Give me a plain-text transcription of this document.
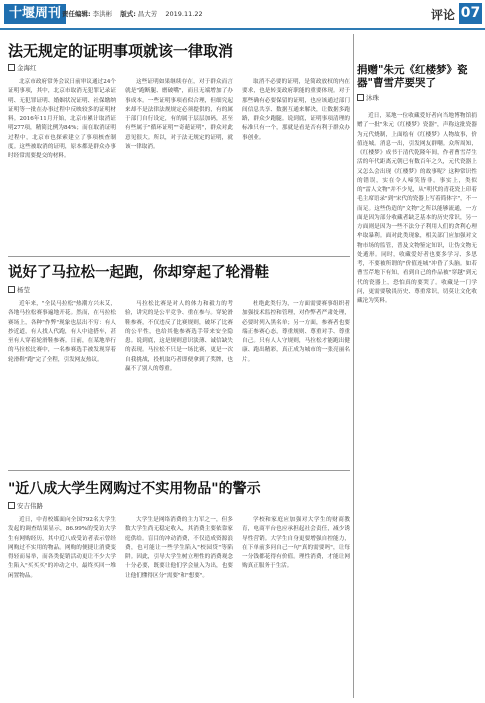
十堰周刊 责任编辑: 李洪彬 版式: 昌大芳 2019.11.22	评论 07
法无规定的证明事项就该一律取消
金海红
北京市政府常务会议日前审议通过24个证明事项，其中，北京市取消无犯罪记录证明、无犯罪证明、婚姻状况证明、社保缴纳证明等一批在办事过程中反映较多的证明材料。2016年11月开始，北京市累计取消证明277项，精简比例为84%；而在取消证明过程中，北京市也探索建立了事项核查制度。这些被取消的证明，原本都是群众办事时经常需要提交的材料。
这些证明如果继续存在，对于群众而言就是"跑断腿、磨破嘴"，而且无端增加了办事成本。一些证明事项看似合理，但细究起来却不是法律法规规定必须提供的，有的属于部门自行设定，有的属于层层加码，甚至有些属于"循环证明""奇葩证明"，群众对此意见很大。所以，对于法无规定的证明，就该一律取消。
取消不必要的证明，是简政放权的内在要求，也是转变政府职能的重要体现。对于那些确有必要保留的证明，也应该通过部门间信息共享、数据互通来解决，让数据多跑路，群众少跑腿。说到底，证明事项清理的标准只有一个，那就是看是否有利于群众办事创业。
说好了马拉松一起跑，你却穿起了轮滑鞋
杨莹
近年来，"全民马拉松"热潮方兴未艾，各地马拉松赛事遍地开花。然而，在马拉松赛场上，各种"作弊"现象也层出不穷：有人抄近道，有人找人代跑，有人中途搭车，甚至有人穿着轮滑鞋参赛。日前，在某地举行的马拉松比赛中，一名参赛选手被发现穿着轮滑鞋"跑"完了全程，引发网友热议。
马拉松比赛是对人的体力和毅力的考验，讲究的是公平竞争、重在参与。穿轮滑鞋参赛，不仅违反了比赛规则，破坏了比赛的公平性，也给其他参赛选手带来安全隐患。说到底，这是规则意识淡薄、诚信缺失的表现。马拉松不只是一场比赛，更是一次自我挑战，投机取巧者即便拿到了奖牌，也赢不了别人的尊重。
杜绝此类行为，一方面需要赛事组织者加强技术监控和管理，对作弊者严肃处理，必要时列入黑名单；另一方面，参赛者也要端正参赛心态，尊重规则、尊重对手、尊重自己。只有人人守规则，马拉松才能跑出健康、跑出精彩，真正成为城市的一张亮丽名片。
"近八成大学生网购过不实用物品"的警示
安吉伟路
近日，中青校媒面向全国792名大学生发起的调查结果显示，86.99%的受访大学生有网购经历，其中近八成受访者表示曾经网购过不实用的物品。网购的便捷让消费变得轻而易举，而各类促销活动更让不少大学生陷入"买买买"的冲动之中，最终买回一堆闲置物品。
大学生是网络消费的主力军之一，但多数大学生尚无稳定收入，其消费主要依靠家庭供给。盲目的冲动消费，不仅造成资源浪费，也可能让一些学生陷入"校园贷"等陷阱。因此，引导大学生树立理性的消费观念十分必要，既要让他们学会量入为出，也要让他们懂得区分"需要"和"想要"。
学校和家庭应加强对大学生的财商教育，电商平台也应承担起社会责任，减少诱导性营销。大学生自身更要增强自控能力，在下单前多问自己一句"真的需要吗"，让每一分钱都花得有价值。理性消费，才能让网购真正服务于生活。
捐赠"朱元《红楼梦》瓷器"曹雪芹要哭了
沐珠
近日，某地一位收藏爱好者向当地博物馆捐赠了一批"朱元《红楼梦》瓷器"，声称这批瓷器为元代烧制，上面绘有《红楼梦》人物故事，价值连城。消息一出，引发网友群嘲。众所周知，《红楼梦》成书于清代乾隆年间，作者曹雪芹生活的年代距离元朝已有数百年之久，元代瓷器上又怎么会出现《红楼梦》的故事呢？这种常识性的错误，实在令人啼笑皆非。事实上，类似的"雷人文物"并不少见，从"明代的青花瓷上印着毛主席语录"到"宋代的瓷器上写着简体字"，不一而足。这些伪造的"文物"之所以能够流通，一方面是因为部分收藏者缺乏基本的历史常识，另一方面则是因为一些不法分子利用人们的贪利心理牟取暴利。面对此类现象，相关部门应加强对文物市场的监管，普及文物鉴定知识，让伪文物无处遁形。同时，收藏爱好者也要多学习、多思考，不要被所谓的"价值连城"冲昏了头脑。如若曹雪芹地下有知，看到自己的作品被"穿越"到元代的瓷器上，恐怕真的要哭了。收藏是一门学问，更需要敬畏历史、尊重常识，切莫让文化收藏沦为笑料。
